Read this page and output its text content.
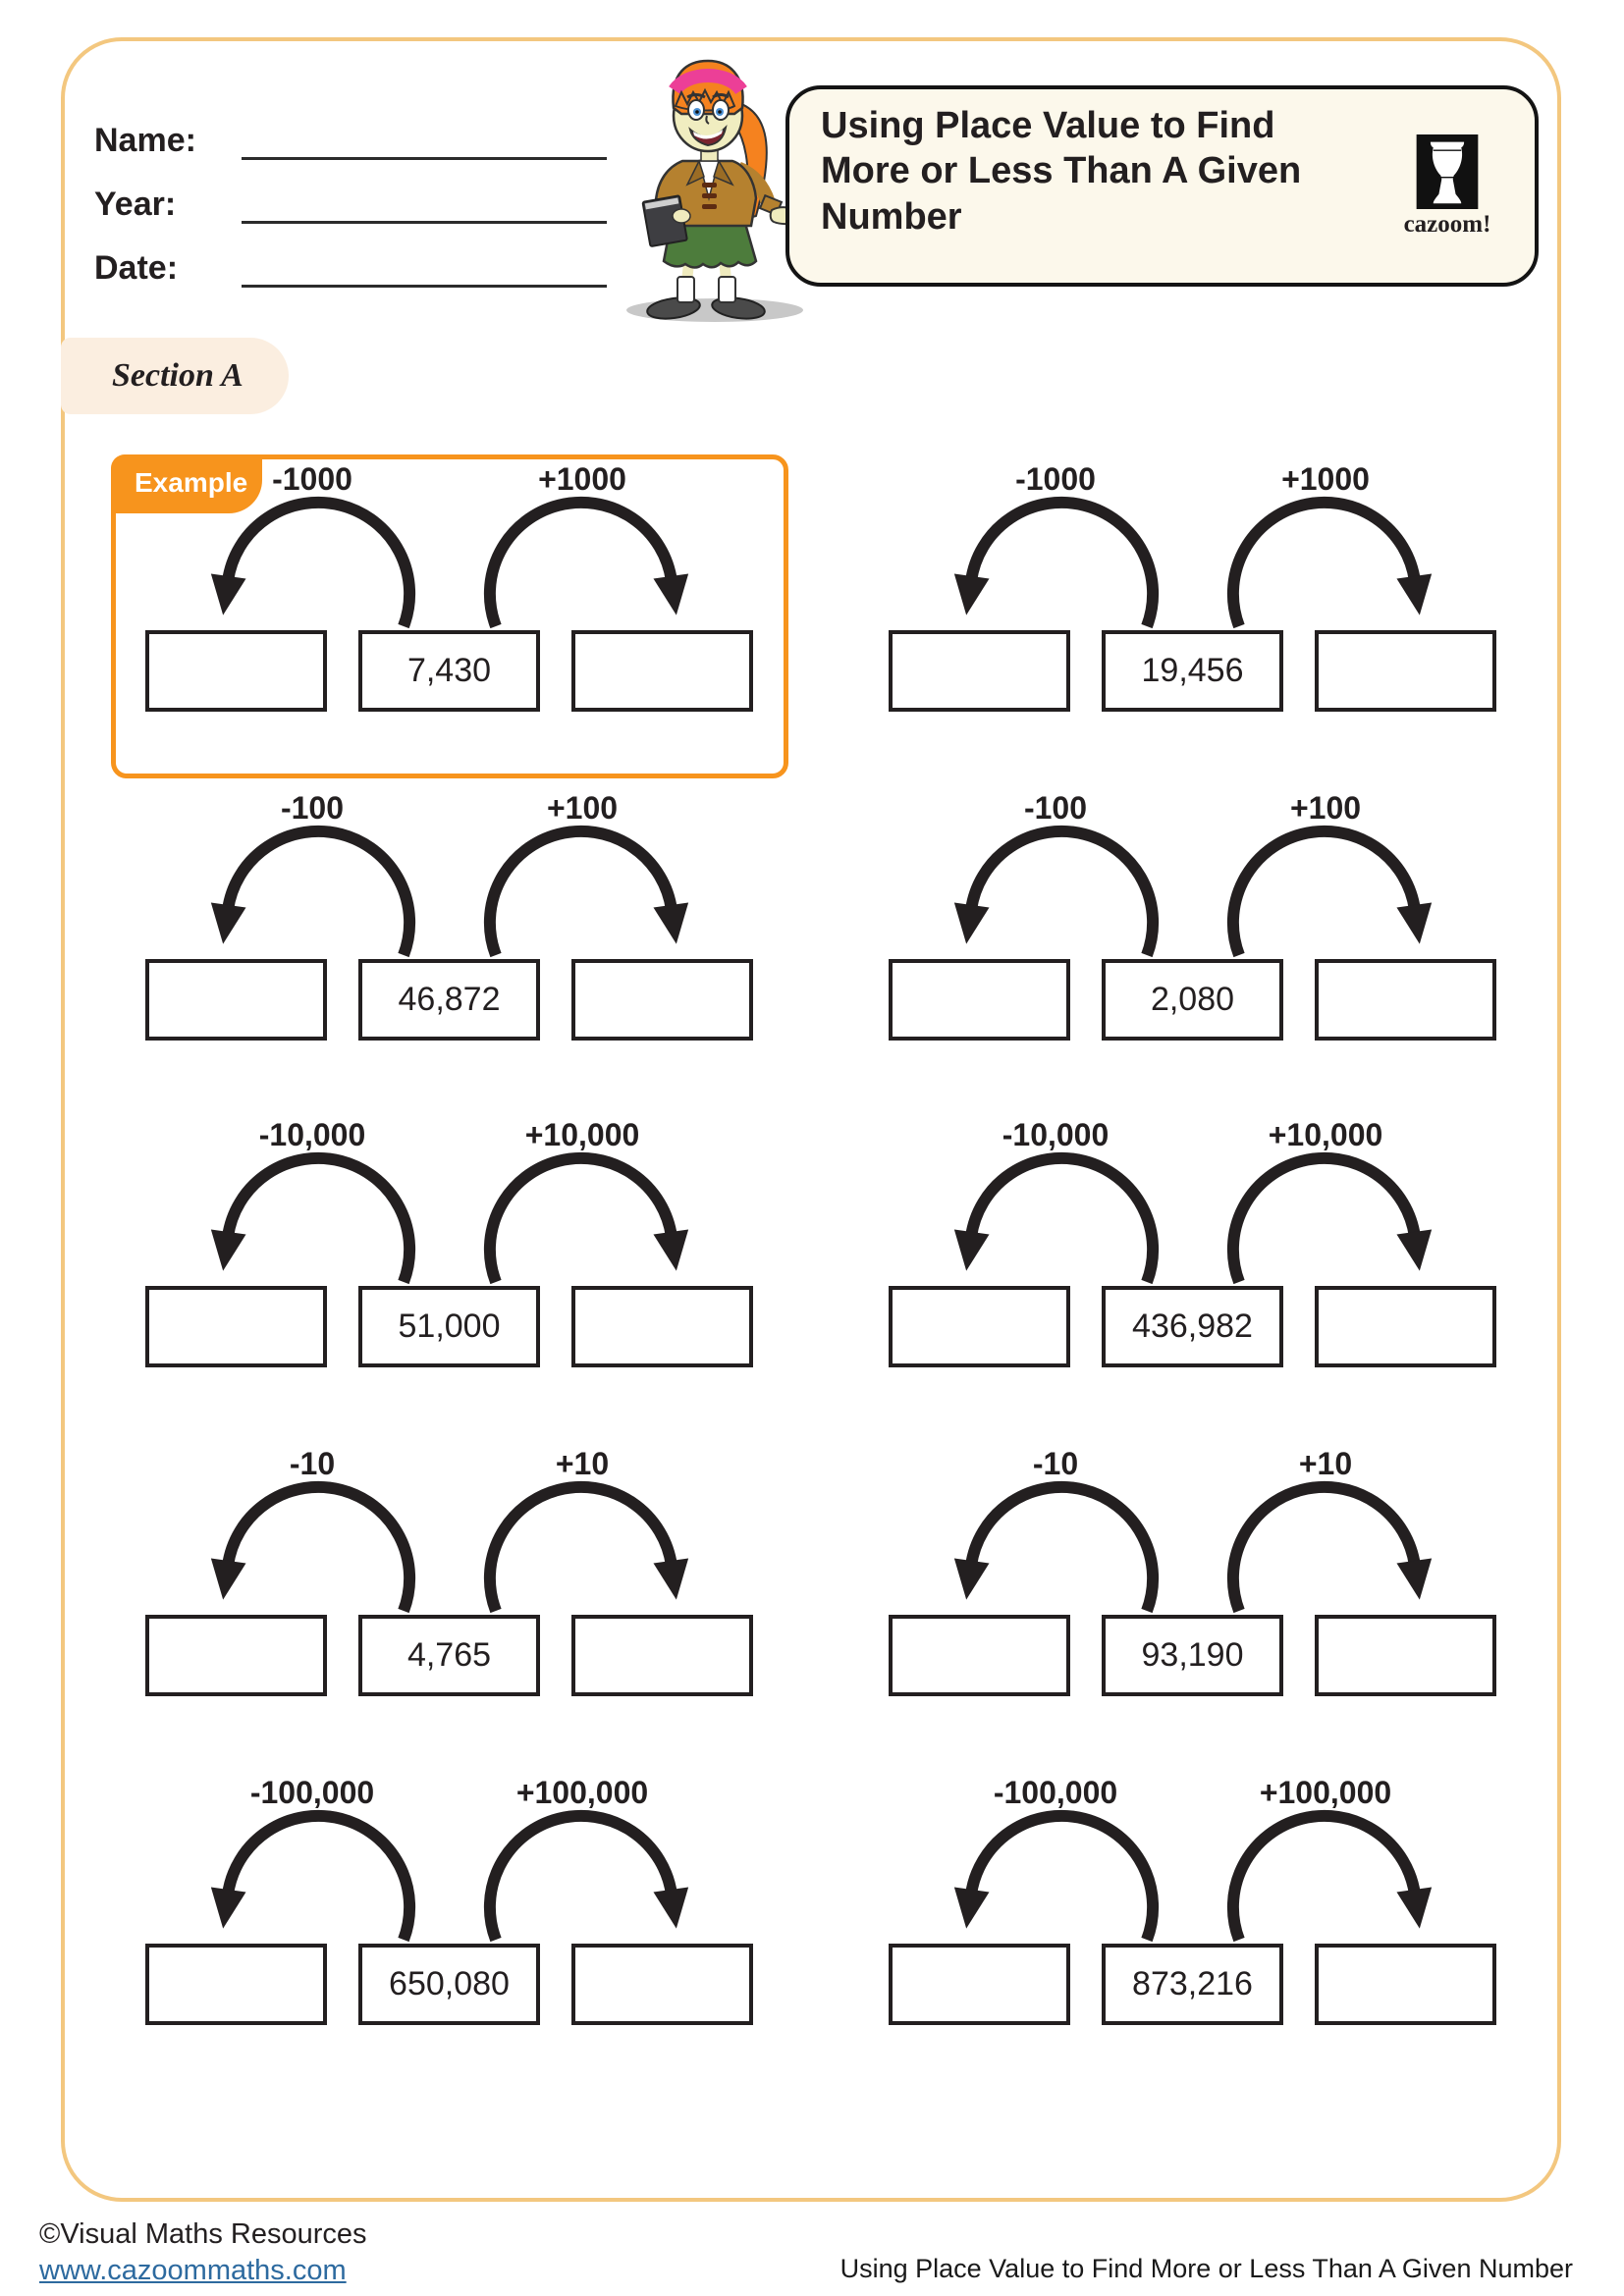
Name:
Year:
Date:
Using Place Value to Find
More or Less Than A Given
Number	cazoom!
Section A
Example -1000	+1000
7,430
-1000	+1000
19,456
-100	+100
46,872
-100	+100
2,080
-10,000	+10,000
51,000
-10,000	+10,000
436,982
-10	+10
4,765
-10	+10
93,190
-100,000	+100,000
650,080
-100,000	+100,000
873,216
©Visual Maths Resources
www.cazoommaths.com	Using Place Value to Find More or Less Than A Given Number
